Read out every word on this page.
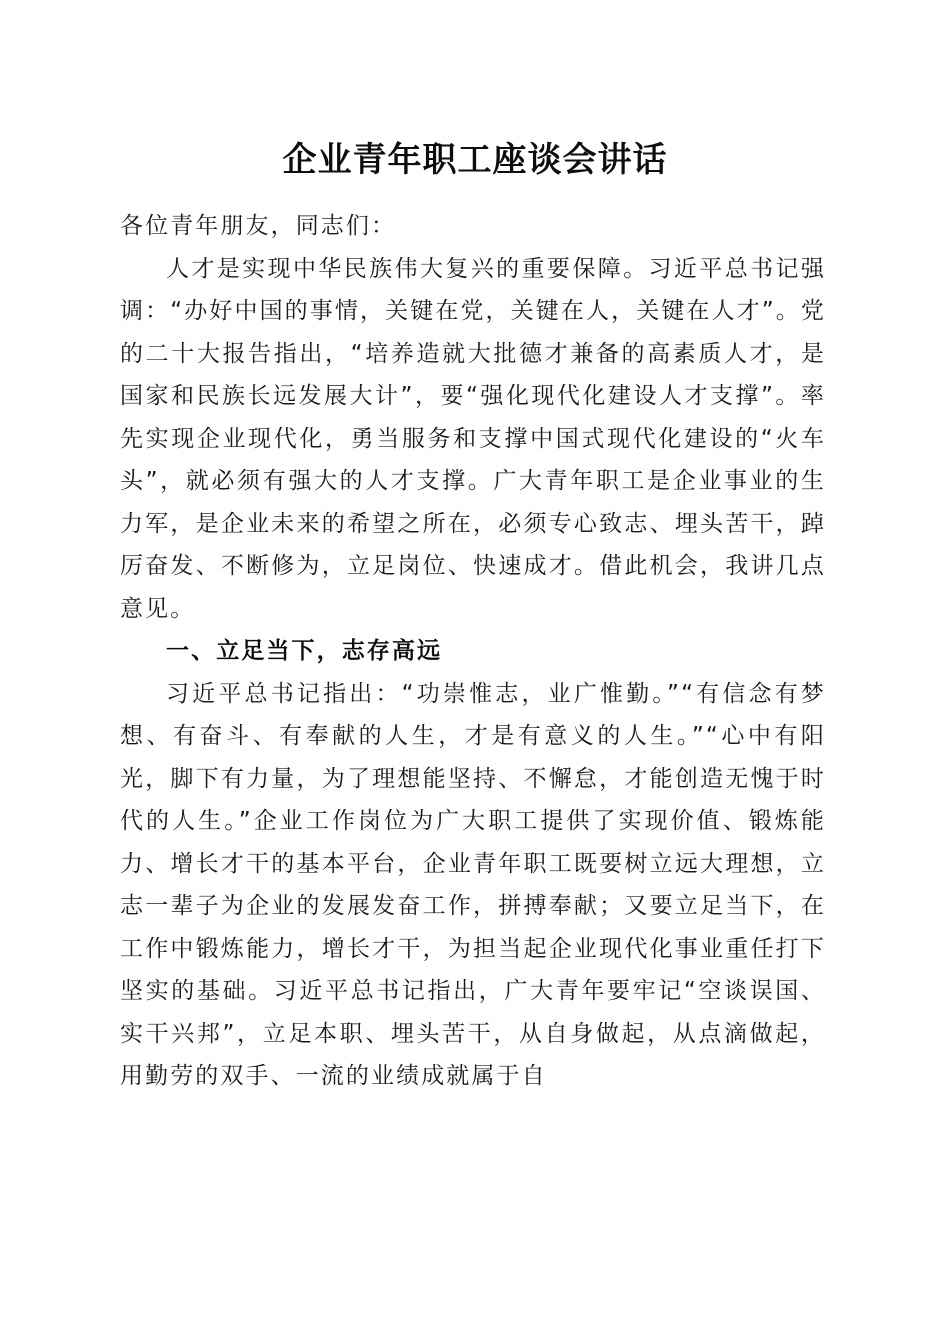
企业青年职工座谈会讲话

各位青年朋友，同志们：

人才是实现中华民族伟大复兴的重要保障。习近平总书记强调：“办好中国的事情，关键在党，关键在人，关键在人才”。党的二十大报告指出，“培养造就大批德才兼备的高素质人才，是国家和民族长远发展大计”，要“强化现代化建设人才支撑”。率先实现企业现代化，勇当服务和支撑中国式现代化建设的“火车头”，就必须有强大的人才支撑。广大青年职工是企业事业的生力军，是企业未来的希望之所在，必须专心致志、埋头苦干，踔厉奋发、不断修为，立足岗位、快速成才。借此机会，我讲几点意见。

一、立足当下，志存高远

习近平总书记指出：“功崇惟志，业广惟勤。”“有信念有梦想、有奋斗、有奉献的人生，才是有意义的人生。”“心中有阳光，脚下有力量，为了理想能坚持、不懈怠，才能创造无愧于时代的人生。”企业工作岗位为广大职工提供了实现价值、锻炼能力、增长才干的基本平台，企业青年职工既要树立远大理想，立志一辈子为企业的发展发奋工作，拼搏奉献；又要立足当下，在工作中锻炼能力，增长才干，为担当起企业现代化事业重任打下坚实的基础。习近平总书记指出，广大青年要牢记“空谈误国、实干兴邦”，立足本职、埋头苦干，从自身做起，从点滴做起，用勤劳的双手、一流的业绩成就属于自
